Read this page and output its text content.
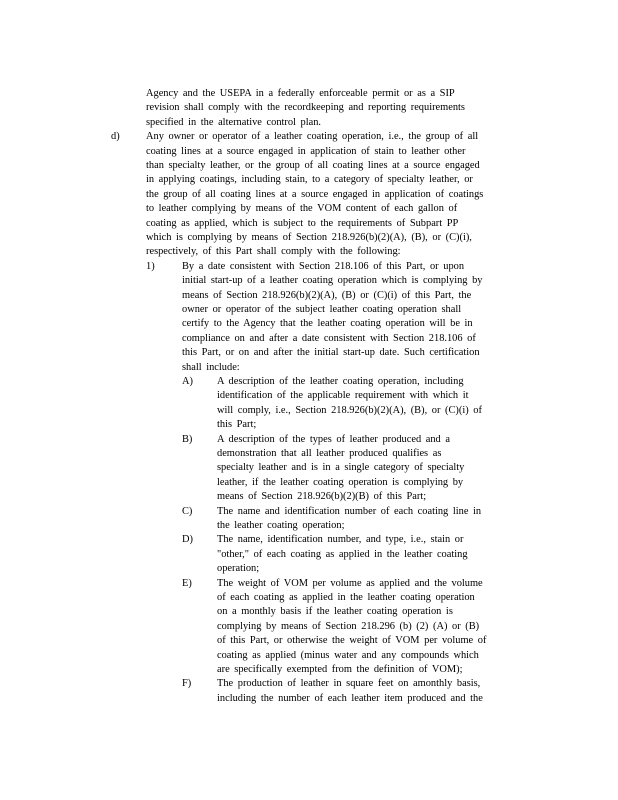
Agency and the USEPA in a federally enforceable permit or as a SIP
revision shall comply with the recordkeeping and reporting requirements
specified in the alternative control plan.
d)	Any owner or operator of a leather coating operation, i.e., the group of all
coating lines at a source engaged in application of stain to leather other
than specialty leather, or the group of all coating lines at a source engaged
in applying coatings, including stain, to a category of specialty leather, or
the group of all coating lines at a source engaged in application of coatings
to leather complying by means of the VOM content of each gallon of
coating as applied, which is subject to the requirements of Subpart PP
which is complying by means of Section 218.926(b)(2)(A), (B), or (C)(i),
respectively, of this Part shall comply with the following:
1)	By a date consistent with Section 218.106 of this Part, or upon
initial start-up of a leather coating operation which is complying by
means of Section 218.926(b)(2)(A), (B) or (C)(i) of this Part, the
owner or operator of the subject leather coating operation shall
certify to the Agency that the leather coating operation will be in
compliance on and after a date consistent with Section 218.106 of
this Part, or on and after the initial start-up date. Such certification
shall include:
A) A description of the leather coating operation, including
identification of the applicable requirement with which it
will comply, i.e., Section 218.926(b)(2)(A), (B), or (C)(i) of
this Part;
B) A description of the types of leather produced and a
demonstration that all leather produced qualifies as
specialty leather and is in a single category of specialty
leather, if the leather coating operation is complying by
means of Section 218.926(b)(2)(B) of this Part;
C) The name and identification number of each coating line in
the leather coating operation;
D) The name, identification number, and type, i.e., stain or
"other," of each coating as applied in the leather coating
operation;
E) The weight of VOM per volume as applied and the volume
of each coating as applied in the leather coating operation
on a monthly basis if the leather coating operation is
complying by means of Section 218.296 (b) (2) (A) or (B)
of this Part, or otherwise the weight of VOM per volume of
coating as applied (minus water and any compounds which
are specifically exempted from the definition of VOM);
F) The production of leather in square feet on amonthly basis,
including the number of each leather item produced and the
